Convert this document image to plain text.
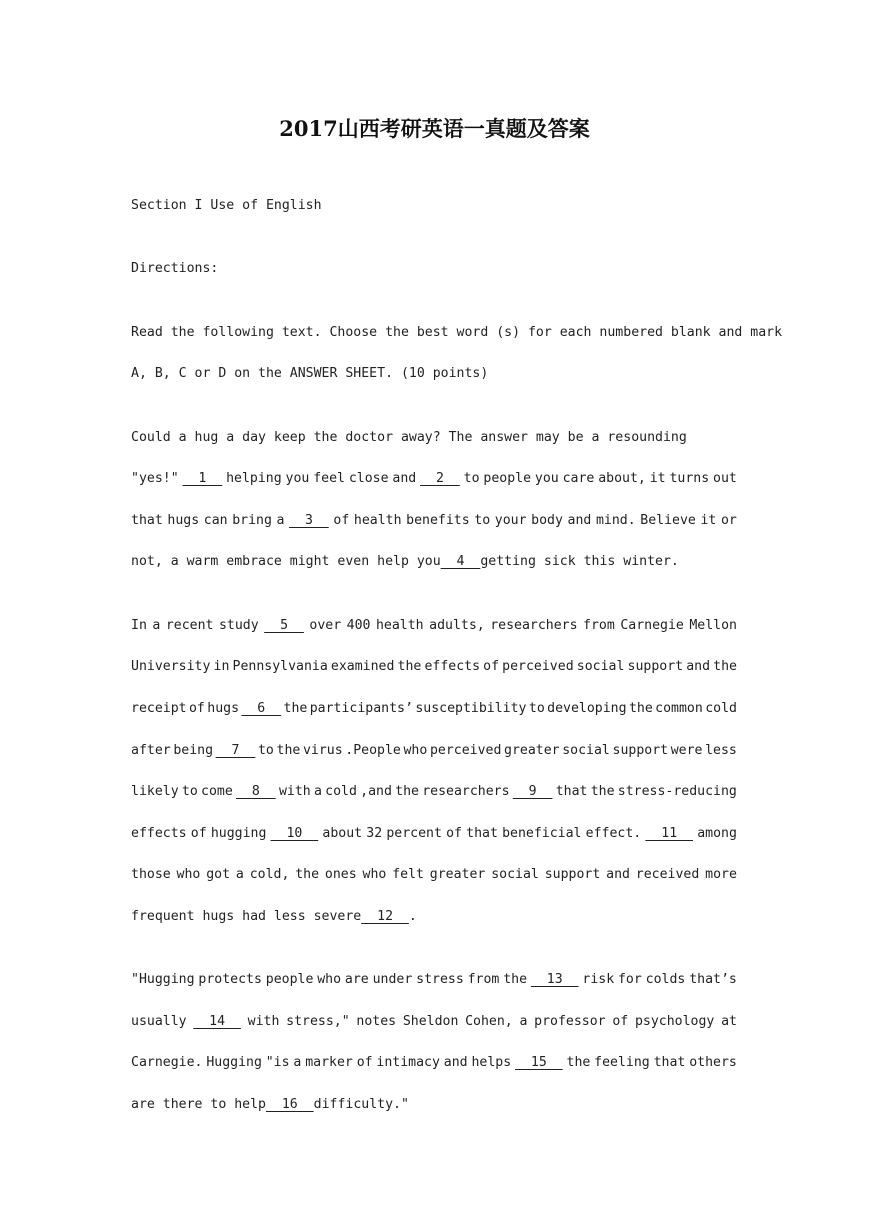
2017山西考研英语一真题及答案
Section I Use of English
Directions:
Read the following text. Choose the best word (s) for each numbered blank and mark
A, B, C or D on the ANSWER SHEET. (10 points)
Could a hug a day keep the doctor away? The answer may be a resounding
"yes!" 1 helping you feel close and 2 to people you care about, it turns out
that hugs can bring a 3 of health benefits to your body and mind. Believe it or
not, a warm embrace might even help you 4 getting sick this winter.
In a recent study 5 over 400 health adults, researchers from Carnegie Mellon
University in Pennsylvania examined the effects of perceived social support and the
receipt of hugs 6 the participants’ susceptibility to developing the common cold
after being 7 to the virus .People who perceived greater social support were less
likely to come 8 with a cold ,and the researchers 9 that the stress-reducing
effects of hugging 10 about 32 percent of that beneficial effect. 11 among
those who got a cold, the ones who felt greater social support and received more
frequent hugs had less severe 12 .
"Hugging protects people who are under stress from the 13 risk for colds that’s
usually 14 with stress," notes Sheldon Cohen, a professor of psychology at
Carnegie. Hugging "is a marker of intimacy and helps 15 the feeling that others
are there to help 16 difficulty."
